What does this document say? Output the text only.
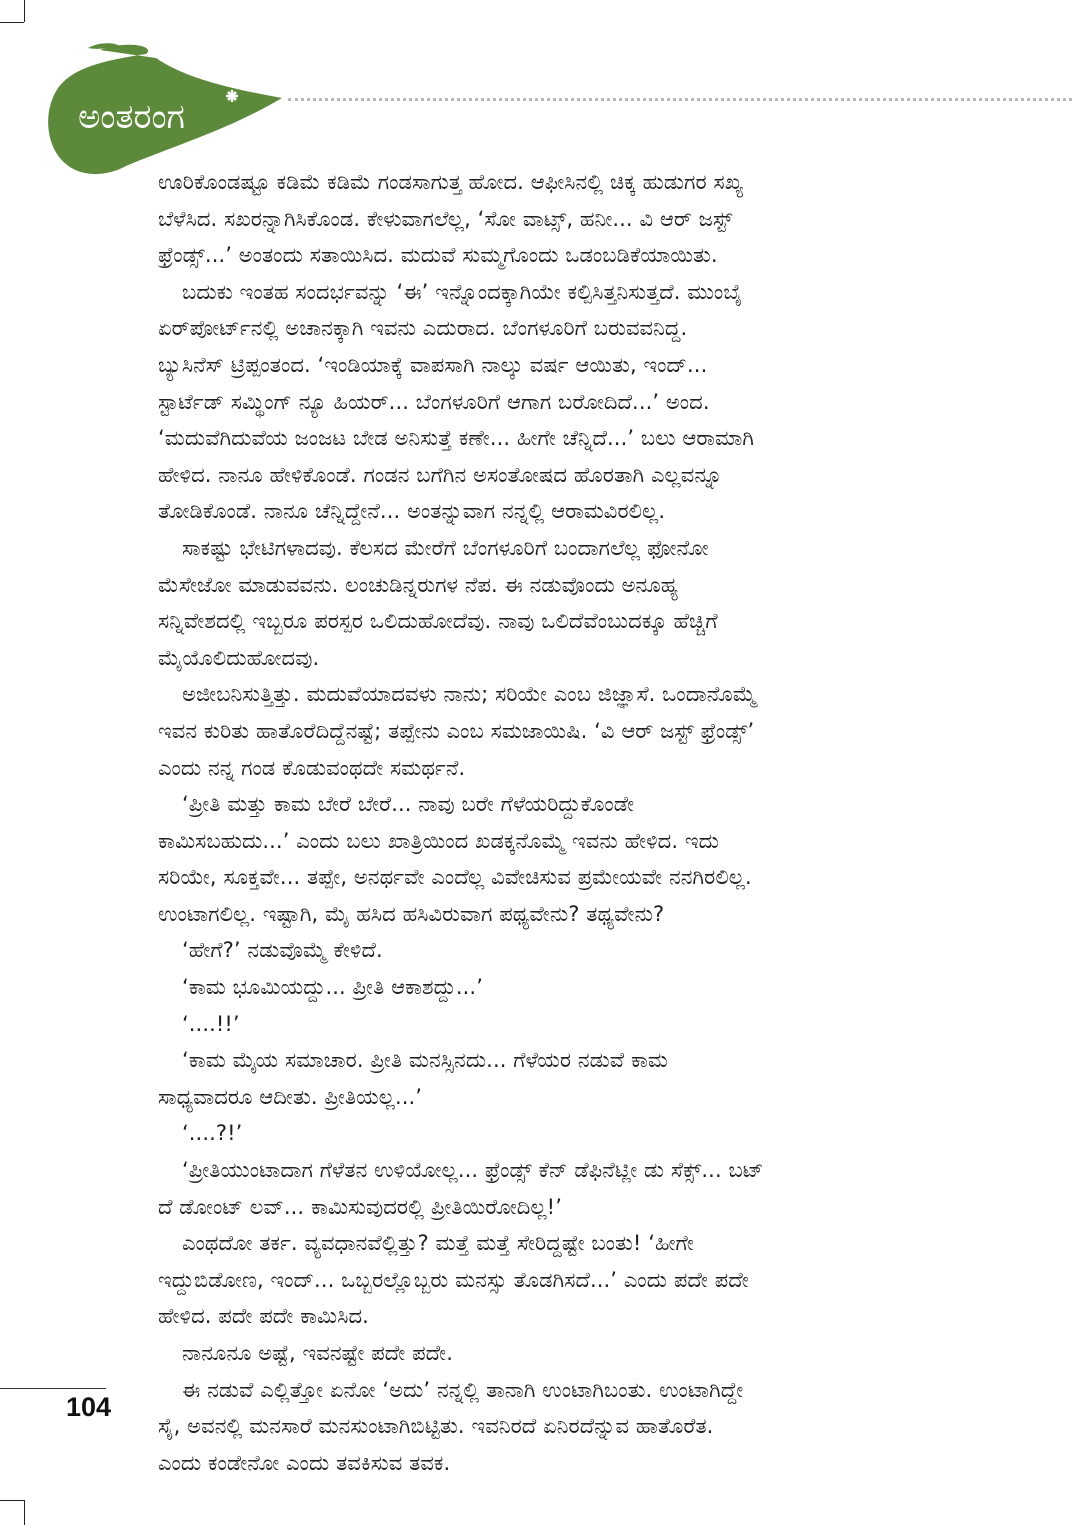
ಅಂತರಂಗ
ಊರಿಕೊಂಡಷ್ಟೂ ಕಡಿಮೆ ಕಡಿಮೆ ಗಂಡಸಾಗುತ್ತ ಹೋದ. ಆಫೀಸಿನಲ್ಲಿ ಚಿಕ್ಕ ಹುಡುಗರ ಸಖ್ಯ
ಬೆಳೆಸಿದ. ಸಖರನ್ನಾಗಿಸಿಕೊಂಡ. ಕೇಳುವಾಗಲೆಲ್ಲ, ‘ಸೋ ವಾಟ್ಸ್, ಹನೀ... ವಿ ಆರ್ ಜಸ್ಟ್
ಫ್ರೆಂಡ್ಸ್...’ ಅಂತಂದು ಸತಾಯಿಸಿದ. ಮದುವೆ ಸುಮ್ಮಗೊಂದು ಒಡಂಬಡಿಕೆಯಾಯಿತು.
ಬದುಕು ಇಂತಹ ಸಂದರ್ಭವನ್ನು ‘ಈ’ ಇನ್ನೊಂದಕ್ಕಾಗಿಯೇ ಕಲ್ಪಿಸಿತ್ತನಿಸುತ್ತದೆ. ಮುಂಬೈ
ಏರ್‌ಪೋರ್ಟ್‌ನಲ್ಲಿ ಅಚಾನಕ್ಕಾಗಿ ಇವನು ಎದುರಾದ. ಬೆಂಗಳೂರಿಗೆ ಬರುವವನಿದ್ದ.
ಬ್ಯುಸಿನೆಸ್ ಟ್ರಿಪ್ಪಂತಂದ. ‘ಇಂಡಿಯಾಕ್ಕೆ ವಾಪಸಾಗಿ ನಾಲ್ಕು ವರ್ಷ ಆಯಿತು, ಇಂದ್...
ಸ್ಟಾರ್ಟೆಡ್ ಸಮ್ಥಿಂಗ್ ನ್ಯೂ ಹಿಯರ್... ಬೆಂಗಳೂರಿಗೆ ಆಗಾಗ ಬರೋದಿದೆ...’ ಅಂದ.
‘ಮದುವೆಗಿದುವೆಯ ಜಂಜಟ ಬೇಡ ಅನಿಸುತ್ತೆ ಕಣೇ... ಹೀಗೇ ಚೆನ್ನಿದೆ...’ ಬಲು ಆರಾಮಾಗಿ
ಹೇಳಿದ. ನಾನೂ ಹೇಳಿಕೊಂಡೆ. ಗಂಡನ ಬಗೆಗಿನ ಅಸಂತೋಷದ ಹೊರತಾಗಿ ಎಲ್ಲವನ್ನೂ
ತೋಡಿಕೊಂಡೆ. ನಾನೂ ಚೆನ್ನಿದ್ದೇನೆ... ಅಂತನ್ನುವಾಗ ನನ್ನಲ್ಲಿ ಆರಾಮವಿರಲಿಲ್ಲ.
ಸಾಕಷ್ಟು ಭೇಟಿಗಳಾದವು. ಕೆಲಸದ ಮೇರೆಗೆ ಬೆಂಗಳೂರಿಗೆ ಬಂದಾಗಲೆಲ್ಲ ಫೋನೋ
ಮೆಸೇಜೋ ಮಾಡುವವನು. ಲಂಚುಡಿನ್ನರುಗಳ ನೆಪ. ಈ ನಡುವೊಂದು ಅನೂಹ್ಯ
ಸನ್ನಿವೇಶದಲ್ಲಿ ಇಬ್ಬರೂ ಪರಸ್ಪರ ಒಲಿದುಹೋದೆವು. ನಾವು ಒಲಿದೆವೆಂಬುದಕ್ಕೂ ಹೆಚ್ಚಿಗೆ
ಮೈಯೊಲಿದುಹೋದವು.
ಅಜೀಬನಿಸುತ್ತಿತ್ತು. ಮದುವೆಯಾದವಳು ನಾನು; ಸರಿಯೇ ಎಂಬ ಜಿಜ್ಞಾಸೆ. ಒಂದಾನೊಮ್ಮೆ
ಇವನ ಕುರಿತು ಹಾತೊರೆದಿದ್ದೆನಷ್ಟೆ; ತಪ್ಪೇನು ಎಂಬ ಸಮಜಾಯಿಷಿ. ‘ವಿ ಆರ್ ಜಸ್ಟ್ ಫ್ರೆಂಡ್ಸ್’
ಎಂದು ನನ್ನ ಗಂಡ ಕೊಡುವಂಥದೇ ಸಮರ್ಥನೆ.
‘ಪ್ರೀತಿ ಮತ್ತು ಕಾಮ ಬೇರೆ ಬೇರೆ... ನಾವು ಬರೇ ಗೆಳೆಯರಿದ್ದುಕೊಂಡೇ
ಕಾಮಿಸಬಹುದು...’ ಎಂದು ಬಲು ಖಾತ್ರಿಯಿಂದ ಖಡಕ್ಕನೊಮ್ಮೆ ಇವನು ಹೇಳಿದ. ಇದು
ಸರಿಯೇ, ಸೂಕ್ತವೇ... ತಪ್ಪೇ, ಅನರ್ಥವೇ ಎಂದೆಲ್ಲ ವಿವೇಚಿಸುವ ಪ್ರಮೇಯವೇ ನನಗಿರಲಿಲ್ಲ.
ಉಂಟಾಗಲಿಲ್ಲ. ಇಷ್ಟಾಗಿ, ಮೈ ಹಸಿದ ಹಸಿವಿರುವಾಗ ಪಥ್ಯವೇನು? ತಥ್ಯವೇನು?
‘ಹೇಗೆ?’ ನಡುವೊಮ್ಮೆ ಕೇಳಿದೆ.
‘ಕಾಮ ಭೂಮಿಯದ್ದು... ಪ್ರೀತಿ ಆಕಾಶದ್ದು...’
‘....!!’
‘ಕಾಮ ಮೈಯ ಸಮಾಚಾರ. ಪ್ರೀತಿ ಮನಸ್ಸಿನದು... ಗೆಳೆಯರ ನಡುವೆ ಕಾಮ
ಸಾಧ್ಯವಾದರೂ ಆದೀತು. ಪ್ರೀತಿಯಲ್ಲ...’
‘....?!’
‘ಪ್ರೀತಿಯುಂಟಾದಾಗ ಗೆಳೆತನ ಉಳಿಯೋಲ್ಲ... ಫ್ರೆಂಡ್ಸ್ ಕೆನ್ ಡೆಫಿನೆಟ್ಲೀ ಡು ಸೆಕ್ಸ್... ಬಟ್
ದೆ ಡೋಂಟ್ ಲವ್... ಕಾಮಿಸುವುದರಲ್ಲಿ ಪ್ರೀತಿಯಿರೋದಿಲ್ಲ!’
ಎಂಥದೋ ತರ್ಕ. ವ್ಯವಧಾನವೆಲ್ಲಿತ್ತು? ಮತ್ತೆ ಮತ್ತೆ ಸೇರಿದ್ದಷ್ಟೇ ಬಂತು! ‘ಹೀಗೇ
ಇದ್ದುಬಿಡೋಣ, ಇಂದ್... ಒಬ್ಬರಲ್ಲೊಬ್ಬರು ಮನಸ್ಸು ತೊಡಗಿಸದೆ...’ ಎಂದು ಪದೇ ಪದೇ
ಹೇಳಿದ. ಪದೇ ಪದೇ ಕಾಮಿಸಿದ.
ನಾನೂನೂ ಅಷ್ಟೆ, ಇವನಷ್ಟೇ ಪದೇ ಪದೇ.
ಈ ನಡುವೆ ಎಲ್ಲಿತ್ತೋ ಏನೋ ‘ಅದು’ ನನ್ನಲ್ಲಿ ತಾನಾಗಿ ಉಂಟಾಗಿಬಂತು. ಉಂಟಾಗಿದ್ದೇ
ಸೈ, ಅವನಲ್ಲಿ ಮನಸಾರೆ ಮನಸುಂಟಾಗಿಬಿಟ್ಟಿತು. ಇವನಿರದೆ ಏನಿರದೆನ್ನುವ ಹಾತೊರೆತ.
ಎಂದು ಕಂಡೇನೋ ಎಂದು ತವಕಿಸುವ ತವಕ.
104
